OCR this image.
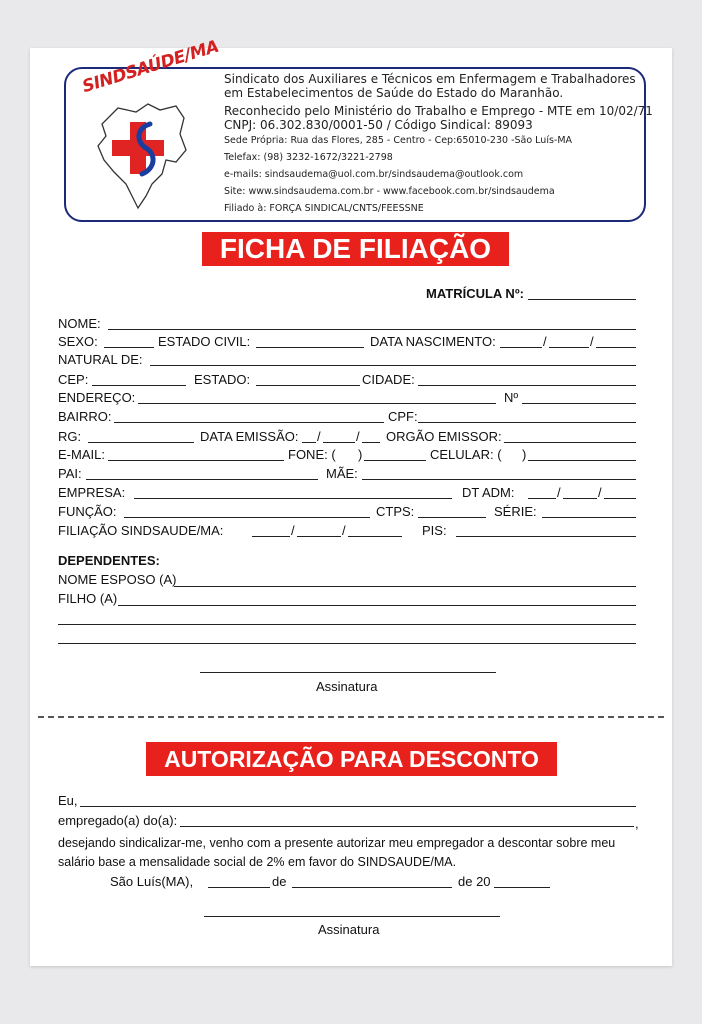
SINDSAÚDE/MA Sindicato dos Auxiliares e Técnicos em Enfermagem e Trabalhadores
em Estabelecimentos de Saúde do Estado do Maranhão.
Reconhecido pelo Ministério do Trabalho e Emprego - MTE em 10/02/71
CNPJ: 06.302.830/0001-50 / Código Sindical: 89093
Sede Própria: Rua das Flores, 285 - Centro - Cep:65010-230 -São Luís-MA
Telefax: (98) 3232-1672/3221-2798
e-mails: sindsaudema@uol.com.br/sindsaudema@outlook.com
Site: www.sindsaudema.com.br - www.facebook.com.br/sindsaudema
Filiado à: FORÇA SINDICAL/CNTS/FEESSNE
FICHA DE FILIAÇÃO
MATRÍCULA Nº:
NOME:
SEXO:	ESTADO CIVIL:	DATA NASCIMENTO:	/	/
NATURAL DE:
CEP:	ESTADO:	CIDADE:
ENDEREÇO:	Nº
BAIRRO:	CPF:
RG:	DATA EMISSÃO: /	/ ORGÃO EMISSOR:
E-MAIL:	FONE: ( )	CELULAR: ( )
PAI:	MÃE:
EMPRESA:	DT ADM:	/	/
FUNÇÃO:	CTPS:	SÉRIE:
FILIAÇÃO SINDSAUDE/MA:	/	/	PIS:
DEPENDENTES:
NOME ESPOSO (A)
FILHO (A)
Assinatura
AUTORIZAÇÃO PARA DESCONTO
Eu,
empregado(a) do(a):	,
desejando sindicalizar-me, venho com a presente autorizar meu empregador a descontar sobre meu
salário base a mensalidade social de 2% em favor do SINDSAUDE/MA.
São Luís(MA),	de	de 20
Assinatura
